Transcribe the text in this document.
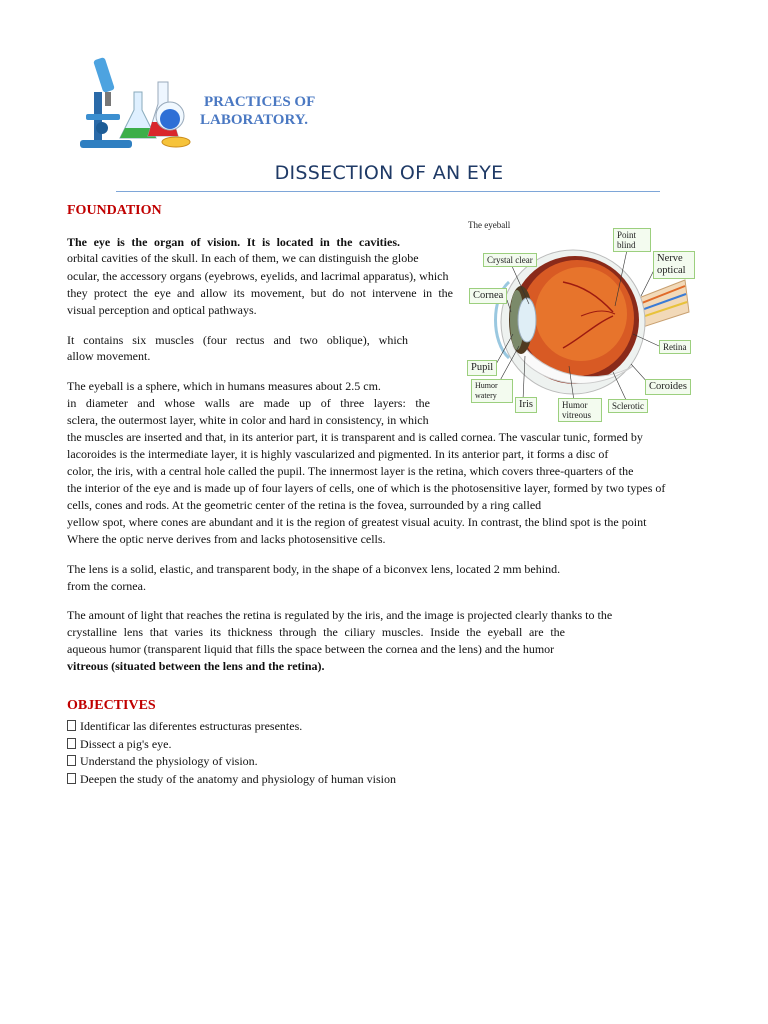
PRACTICES OF
LABORATORY.
DISSECTION OF AN EYE
FOUNDATION
The eye is the organ of vision. It is located in the cavities.
orbital cavities of the skull. In each of them, we can distinguish the globe
ocular, the accessory organs (eyebrows, eyelids, and lacrimal apparatus), which
they protect the eye and allow its movement, but do not intervene in the
visual perception and optical pathways.
It contains six muscles (four rectus and two oblique), which
allow movement.
The eyeball is a sphere, which in humans measures about 2.5 cm.
in diameter and whose walls are made up of three layers: the
sclera, the outermost layer, white in color and hard in consistency, in which
the muscles are inserted and that, in its anterior part, it is transparent and is called cornea. The vascular tunic, formed by
lacoroides is the intermediate layer, it is highly vascularized and pigmented. In its anterior part, it forms a disc of
color, the iris, with a central hole called the pupil. The innermost layer is the retina, which covers three-quarters of the
the interior of the eye and is made up of four layers of cells, one of which is the photosensitive layer, formed by two types of
cells, cones and rods. At the geometric center of the retina is the fovea, surrounded by a ring called
yellow spot, where cones are abundant and it is the region of greatest visual acuity. In contrast, the blind spot is the point
Where the optic nerve derives from and lacks photosensitive cells.
The lens is a solid, elastic, and transparent body, in the shape of a biconvex lens, located 2 mm behind.
from the cornea.
The amount of light that reaches the retina is regulated by the iris, and the image is projected clearly thanks to the
crystalline lens that varies its thickness through the ciliary muscles. Inside the eyeball are the
aqueous humor (transparent liquid that fills the space between the cornea and the lens) and the humor
vitreous (situated between the lens and the retina).
The eyeball
Crystal clear
Point blind
Nerve optical
Cornea
Retina
Pupil
Humor watery
Iris	Humor vitreous
Sclerotic
Coroides
OBJECTIVES
Identificar las diferentes estructuras presentes.
Dissect a pig's eye.
Understand the physiology of vision.
Deepen the study of the anatomy and physiology of human vision
